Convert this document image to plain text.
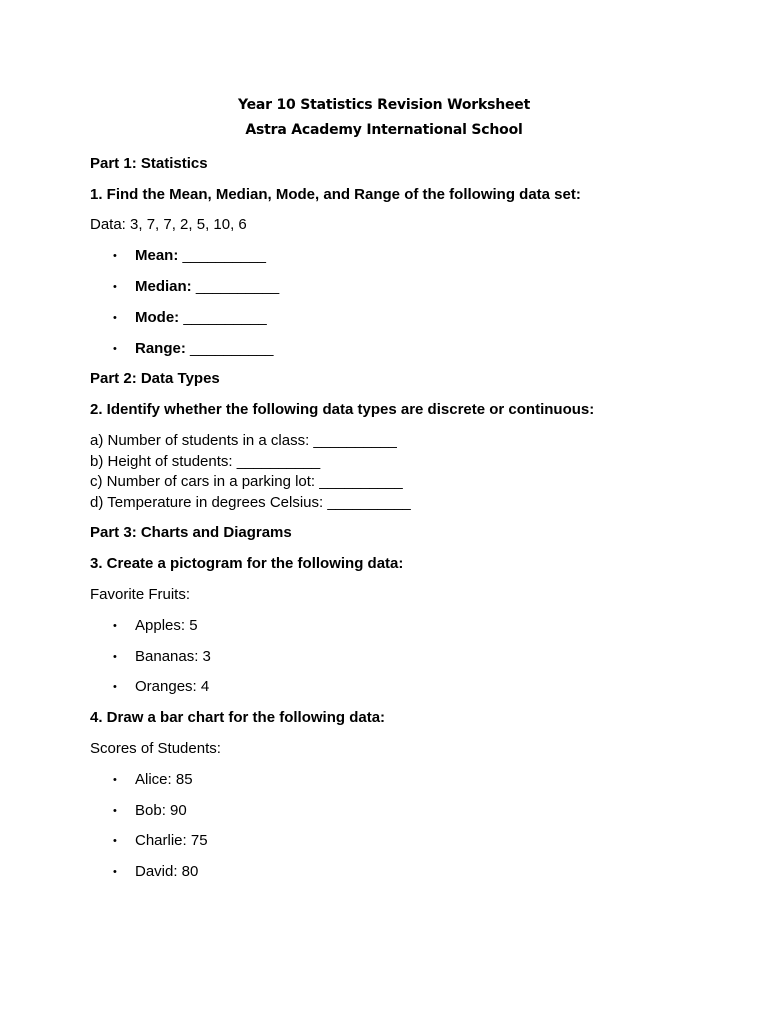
Year 10 Statistics Revision Worksheet
Astra Academy International School
Part 1: Statistics
1. Find the Mean, Median, Mode, and Range of the following data set:
Data: 3, 7, 7, 2, 5, 10, 6
• Mean: __________
• Median: __________
• Mode: __________
• Range: __________
Part 2: Data Types
2. Identify whether the following data types are discrete or continuous:
a) Number of students in a class: __________
b) Height of students: __________
c) Number of cars in a parking lot: __________
d) Temperature in degrees Celsius: __________
Part 3: Charts and Diagrams
3. Create a pictogram for the following data:
Favorite Fruits:
• Apples: 5
• Bananas: 3
• Oranges: 4
4. Draw a bar chart for the following data:
Scores of Students:
• Alice: 85
• Bob: 90
• Charlie: 75
• David: 80
